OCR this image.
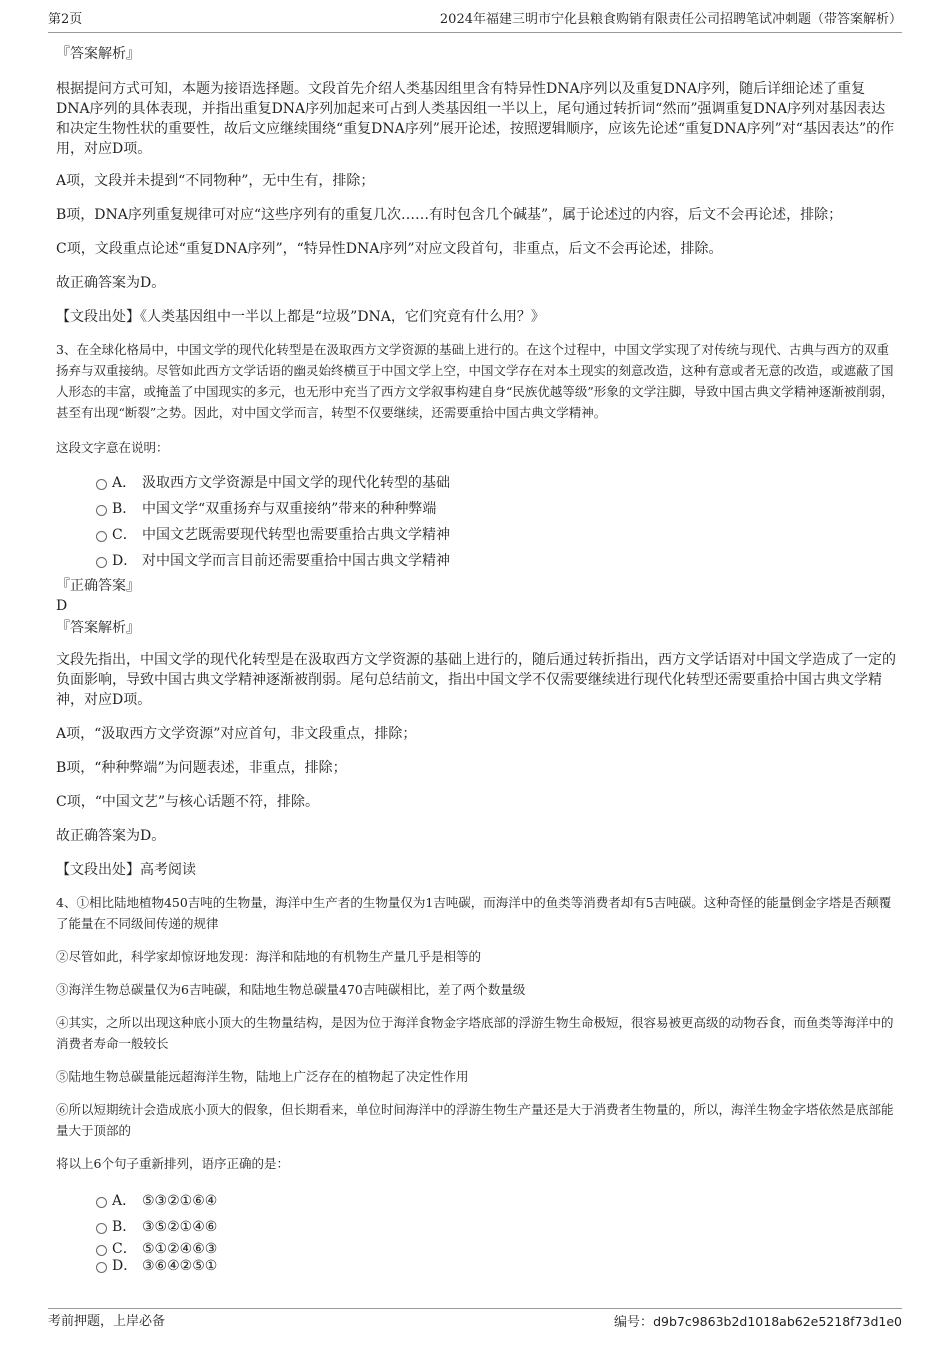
第2页	2024年福建三明市宁化县粮食购销有限责任公司招聘笔试冲刺题（带答案解析）

『答案解析』

根据提问方式可知，本题为接语选择题。文段首先介绍人类基因组里含有特异性DNA序列以及重复DNA序列，随后详细论述了重复DNA序列的具体表现，并指出重复DNA序列加起来可占到人类基因组一半以上，尾句通过转折词“然而”强调重复DNA序列对基因表达和决定生物性状的重要性，故后文应继续围绕“重复DNA序列”展开论述，按照逻辑顺序，应该先论述“重复DNA序列”对“基因表达”的作用，对应D项。

A项，文段并未提到“不同物种”，无中生有，排除；

B项，DNA序列重复规律可对应“这些序列有的重复几次……有时包含几个碱基”，属于论述过的内容，后文不会再论述，排除；

C项，文段重点论述“重复DNA序列”，“特异性DNA序列”对应文段首句，非重点，后文不会再论述，排除。

故正确答案为D。

【文段出处】《人类基因组中一半以上都是“垃圾”DNA，它们究竟有什么用？》

3、在全球化格局中，中国文学的现代化转型是在汲取西方文学资源的基础上进行的。在这个过程中，中国文学实现了对传统与现代、古典与西方的双重扬弃与双重接纳。尽管如此西方文学话语的幽灵始终横亘于中国文学上空，中国文学存在对本土现实的刻意改造，这种有意或者无意的改造，或遮蔽了国人形态的丰富，或掩盖了中国现实的多元，也无形中充当了西方文学叙事构建自身“民族优越等级”形象的文学注脚，导致中国古典文学精神逐渐被削弱，甚至有出现“断裂”之势。因此，对中国文学而言，转型不仅要继续，还需要重拾中国古典文学精神。

这段文字意在说明：

A． 汲取西方文学资源是中国文学的现代化转型的基础

B． 中国文学“双重扬弃与双重接纳”带来的种种弊端

C． 中国文艺既需要现代转型也需要重拾古典文学精神

D． 对中国文学而言目前还需要重拾中国古典文学精神

『正确答案』

D

『答案解析』

文段先指出，中国文学的现代化转型是在汲取西方文学资源的基础上进行的，随后通过转折指出，西方文学话语对中国文学造成了一定的负面影响，导致中国古典文学精神逐渐被削弱。尾句总结前文，指出中国文学不仅需要继续进行现代化转型还需要重拾中国古典文学精神，对应D项。

A项，“汲取西方文学资源”对应首句，非文段重点，排除；

B项，“种种弊端”为问题表述，非重点，排除；

C项，“中国文艺”与核心话题不符，排除。

故正确答案为D。

【文段出处】高考阅读

4、①相比陆地植物450吉吨的生物量，海洋中生产者的生物量仅为1吉吨碳，而海洋中的鱼类等消费者却有5吉吨碳。这种奇怪的能量倒金字塔是否颠覆了能量在不同级间传递的规律

②尽管如此，科学家却惊讶地发现：海洋和陆地的有机物生产量几乎是相等的

③海洋生物总碳量仅为6吉吨碳，和陆地生物总碳量470吉吨碳相比，差了两个数量级

④其实，之所以出现这种底小顶大的生物量结构，是因为位于海洋食物金字塔底部的浮游生物生命极短，很容易被更高级的动物吞食，而鱼类等海洋中的消费者寿命一般较长

⑤陆地生物总碳量能远超海洋生物，陆地上广泛存在的植物起了决定性作用

⑥所以短期统计会造成底小顶大的假象，但长期看来，单位时间海洋中的浮游生物生产量还是大于消费者生物量的，所以，海洋生物金字塔依然是底部能量大于顶部的

将以上6个句子重新排列，语序正确的是：

A． ⑤③②①⑥④

B． ③⑤②①④⑥

C． ⑤①②④⑥③

D． ③⑥④②⑤①

考前押题，上岸必备	编号：d9b7c9863b2d1018ab62e5218f73d1e0
